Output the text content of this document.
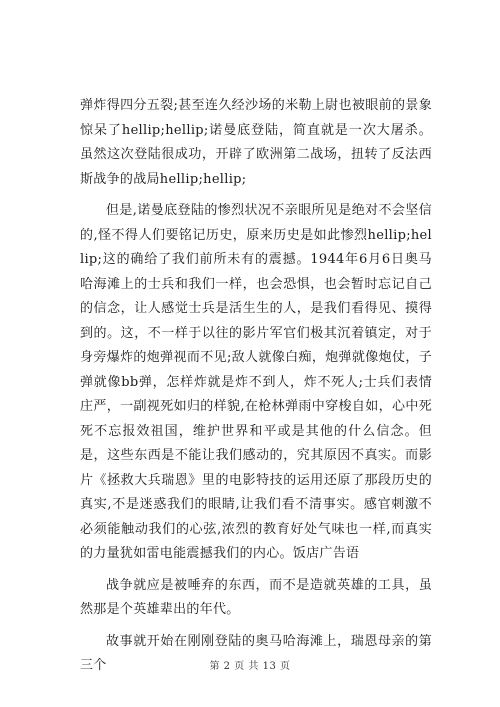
弹炸得四分五裂;甚至连久经沙场的米勒上尉也被眼前的景象惊呆了hellip;hellip;诺曼底登陆，简直就是一次大屠杀。虽然这次登陆很成功，开辟了欧洲第二战场，扭转了反法西斯战争的战局hellip;hellip;

但是,诺曼底登陆的惨烈状况不亲眼所见是绝对不会坚信的,怪不得人们要铭记历史，原来历史是如此惨烈hellip;hellip;这的确给了我们前所未有的震撼。1944年6月6日奥马哈海滩上的士兵和我们一样，也会恐惧，也会暂时忘记自己的信念，让人感觉士兵是活生生的人，是我们看得见、摸得到的。这，不一样于以往的影片军官们极其沉着镇定，对于身旁爆炸的炮弹视而不见;敌人就像白痴，炮弹就像炮仗，子弹就像bb弹，怎样炸就是炸不到人，炸不死人;士兵们表情庄严，一副视死如归的样貌,在枪林弹雨中穿梭自如，心中死死不忘报效祖国，维护世界和平或是其他的什么信念。但是，这些东西是不能让我们感动的，究其原因不真实。而影片《拯救大兵瑞恩》里的电影特技的运用还原了那段历史的真实,不是迷惑我们的眼睛,让我们看不清事实。感官刺激不必须能触动我们的心弦,浓烈的教育好处气味也一样,而真实的力量犹如雷电能震撼我们的内心。饭店广告语

战争就应是被唾弃的东西，而不是造就英雄的工具，虽然那是个英雄辈出的年代。

故事就开始在刚刚登陆的奥马哈海滩上，瑞恩母亲的第三个	第 2 页 共 13 页
